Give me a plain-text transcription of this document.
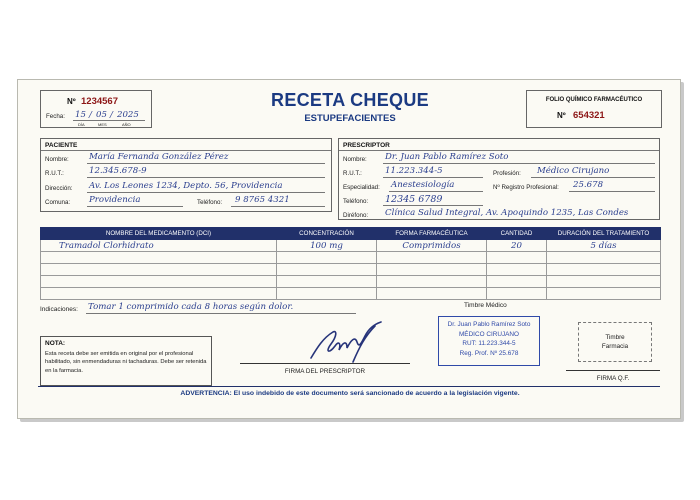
Nº 1234567
Fecha: 15 / 05 / 2025
DÍA	MES	AÑO
RECETA CHEQUE
ESTUPEFACIENTES
FOLIO QUÍMICO FARMACÉUTICO
Nº 654321
PACIENTE
Nombre: María Fernanda González Pérez
R.U.T.:	12.345.678-9
Dirección: Av. Los Leones 1234, Depto. 56, Providencia
Comuna: Providencia	Teléfono: 9 8765 4321
PRESCRIPTOR
Nombre: Dr. Juan Pablo Ramírez Soto
R.U.T.:	11.223.344-5	Profesión: Médico Cirujano
Especialidad: Anestesiología	Nº Registro Profesional: 25.678
Teléfono: 12345 6789
Diréfono: Clínica Salud Integral, Av. Apoquindo 1235, Las Condes
NOMBRE DEL MEDICAMENTO (DCI)	CONCENTRACIÓN	FORMA FARMACÉUTICA	CANTIDAD	DURACIÓN DEL TRATAMIENTO
Tramadol Clorhidrato	100 mg	Comprimidos	20	5 días

Indicaciones: Tomar 1 comprimido cada 8 horas según dolor.	Timbre Médico
NOTA:
Esta receta debe ser emitida en original por el profesional habilitado, sin enmendaduras ni tachaduras. Debe ser retenida en la farmacia.	FIRMA DEL PRESCRIPTOR
Dr. Juan Pablo Ramírez Soto
MÉDICO CIRUJANO
RUT: 11.223.344-5
Reg. Prof. Nº 25.678
Timbre
Farmacia
FIRMA Q.F.
ADVERTENCIA: El uso indebido de este documento será sancionado de acuerdo a la legislación vigente.
